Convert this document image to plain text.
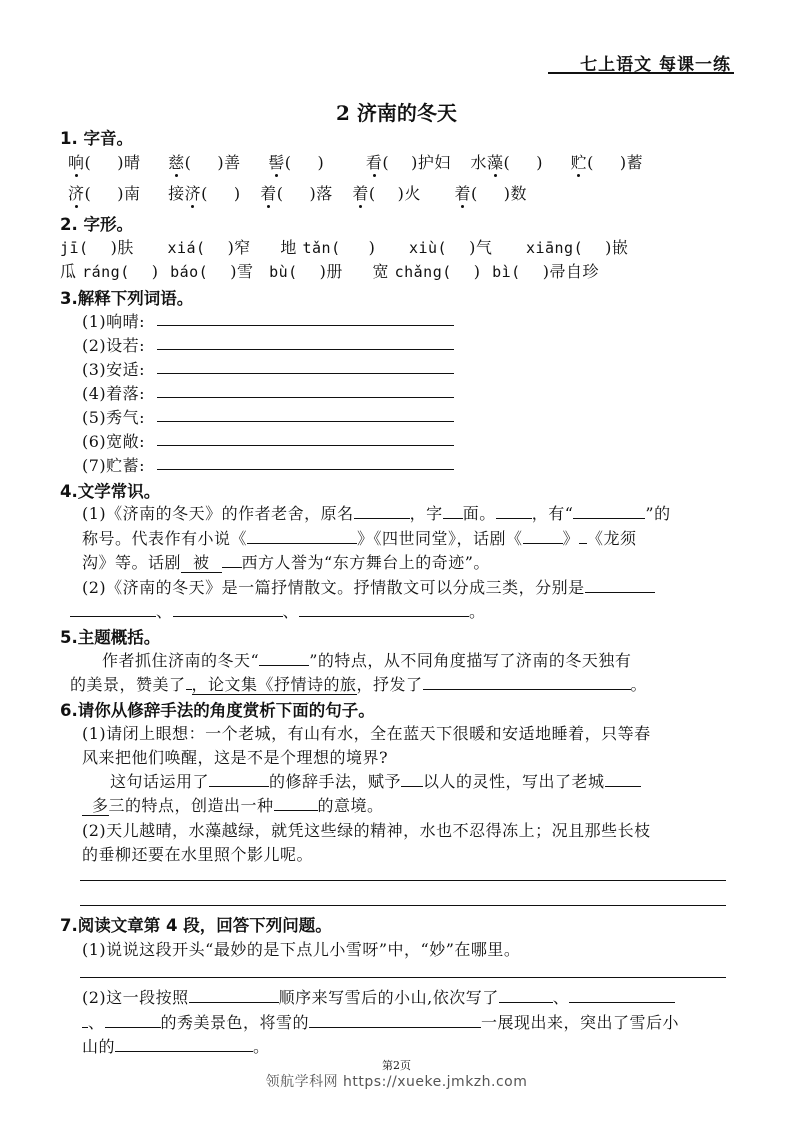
七上语文 每课一练
2 济南的冬天
1. 字音。
响( )晴 慈( )善 髻( )	看( )护妇 水藻( ) 贮( )蓄
济( )南 接济( ) 着( )落 着( )火 着( )数
2. 字形。
jī( )肤 xiá( )窄 地 tǎn( ) xiù( )气 xiāng( )嵌
瓜 ráng( ) báo( )雪 bù( )册 宽 chǎng( ) bì( )帚自珍
3.解释下列词语。
(1)响晴:
(2)设若:
(3)安适:
(4)着落:
(5)秀气:
(6)宽敞:
(7)贮蓄:
4.文学常识。
(1)《济南的冬天》的作者老舍，原名	，字 面。 ，有“	”的
称号。代表作有小说《	》《四世同堂》，话剧《	》 《龙须
沟》等。话剧 被 西方人誉为“东方舞台上的奇迹”。
(2)《济南的冬天》是一篇抒情散文。抒情散文可以分成三类，分别是
、	、	。
5.主题概括。
作者抓住济南的冬天“	”的特点，从不同角度描写了济南的冬天独有
的美景，赞美了 ，论文集《抒情诗的旅，抒发了	。
6.请你从修辞手法的角度赏析下面的句子。
(1)请闭上眼想：一个老城，有山有水，全在蓝天下很暖和安适地睡着，只等春
风来把他们唤醒，这是不是个理想的境界?
这句话运用了	的修辞手法，赋予 以人的灵性，写出了老城
多三的特点，创造出一种	的意境。
(2)天儿越晴，水藻越绿，就凭这些绿的精神，水也不忍得冻上；况且那些长枝
的垂柳还要在水里照个影儿呢。
7.阅读文章第 4 段，回答下列问题。
(1)说说这段开头“最妙的是下点儿小雪呀”中，“妙”在哪里。
(2)这一段按照	顺序来写雪后的小山,依次写了	、
、	的秀美景色，将雪的	一展现出来，突出了雪后小
山的	。
第2页
领航学科网 https://xueke.jmkzh.com
